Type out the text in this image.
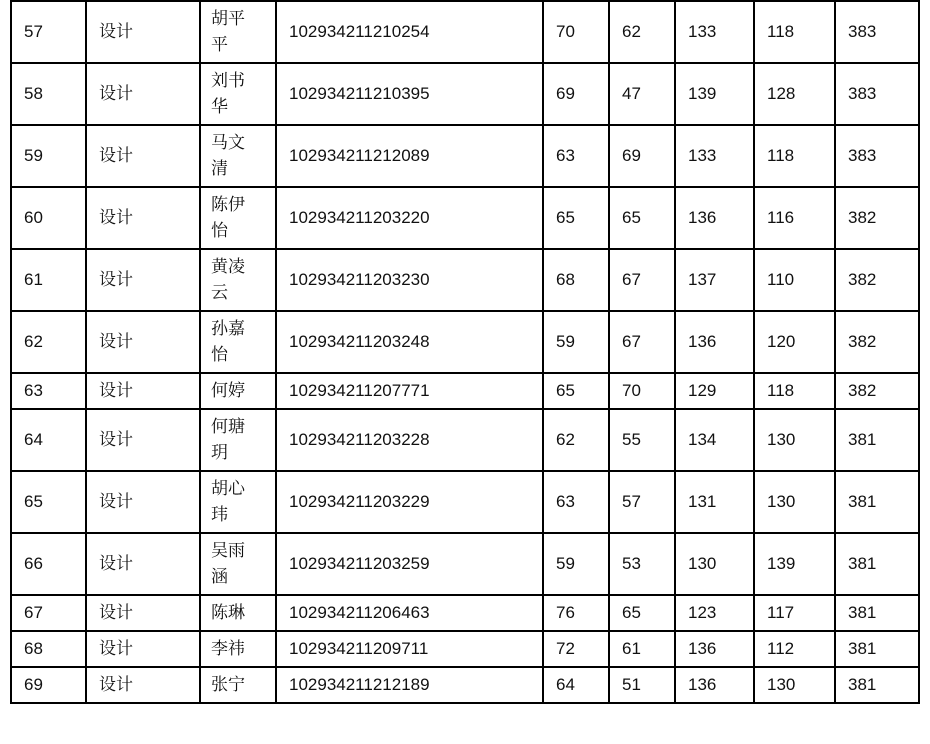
57	设计	胡平平	102934211210254	70	62	133	118	383
58	设计	刘书华	102934211210395	69	47	139	128	383
59	设计	马文清	102934211212089	63	69	133	118	383
60	设计	陈伊怡	102934211203220	65	65	136	116	382
61	设计	黄凌云	102934211203230	68	67	137	110	382
62	设计	孙嘉怡	102934211203248	59	67	136	120	382
63	设计	何婷	102934211207771	65	70	129	118	382
64	设计	何瑭玥	102934211203228	62	55	134	130	381
65	设计	胡心玮	102934211203229	63	57	131	130	381
66	设计	吴雨涵	102934211203259	59	53	130	139	381
67	设计	陈琳	102934211206463	76	65	123	117	381
68	设计	李祎	102934211209711	72	61	136	112	381
69	设计	张宁	102934211212189	64	51	136	130	381
